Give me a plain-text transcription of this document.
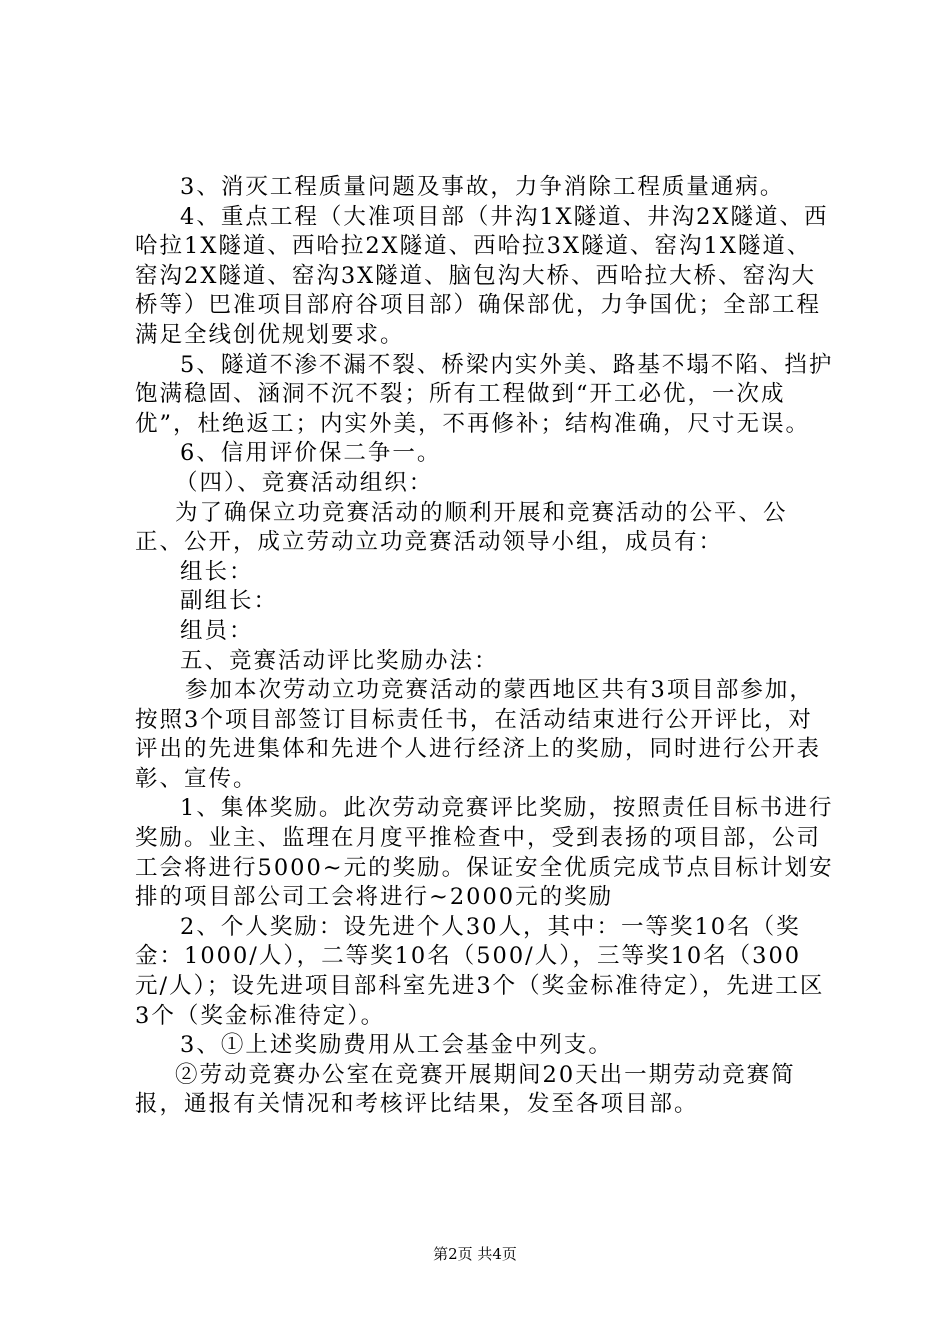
3、消灭工程质量问题及事故，力争消除工程质量通病。

4、重点工程（大准项目部（井沟1X隧道、井沟2X隧道、西哈拉1X隧道、西哈拉2X隧道、西哈拉3X隧道、窑沟1X隧道、窑沟2X隧道、窑沟3X隧道、脑包沟大桥、西哈拉大桥、窑沟大桥等）巴准项目部府谷项目部）确保部优，力争国优；全部工程满足全线创优规划要求。

5、隧道不渗不漏不裂、桥梁内实外美、路基不塌不陷、挡护饱满稳固、涵洞不沉不裂；所有工程做到“开工必优，一次成优”，杜绝返工；内实外美，不再修补；结构准确，尺寸无误。

6、信用评价保二争一。

（四）、竞赛活动组织：

为了确保立功竞赛活动的顺利开展和竞赛活动的公平、公正、公开，成立劳动立功竞赛活动领导小组，成员有：

组长：

副组长：

组员：

五、竞赛活动评比奖励办法：

参加本次劳动立功竞赛活动的蒙西地区共有3项目部参加，按照3个项目部签订目标责任书，在活动结束进行公开评比，对评出的先进集体和先进个人进行经济上的奖励，同时进行公开表彰、宣传。

1、集体奖励。此次劳动竞赛评比奖励，按照责任目标书进行奖励。业主、监理在月度平推检查中，受到表扬的项目部，公司工会将进行5000~元的奖励。保证安全优质完成节点目标计划安排的项目部公司工会将进行~2000元的奖励

2、个人奖励：设先进个人30人，其中：一等奖10名（奖金：1000/人），二等奖10名（500/人），三等奖10名（300元/人）；设先进项目部科室先进3个（奖金标准待定），先进工区3个（奖金标准待定）。

3、①上述奖励费用从工会基金中列支。

②劳动竞赛办公室在竞赛开展期间20天出一期劳动竞赛简报，通报有关情况和考核评比结果，发至各项目部。

第2页 共4页
